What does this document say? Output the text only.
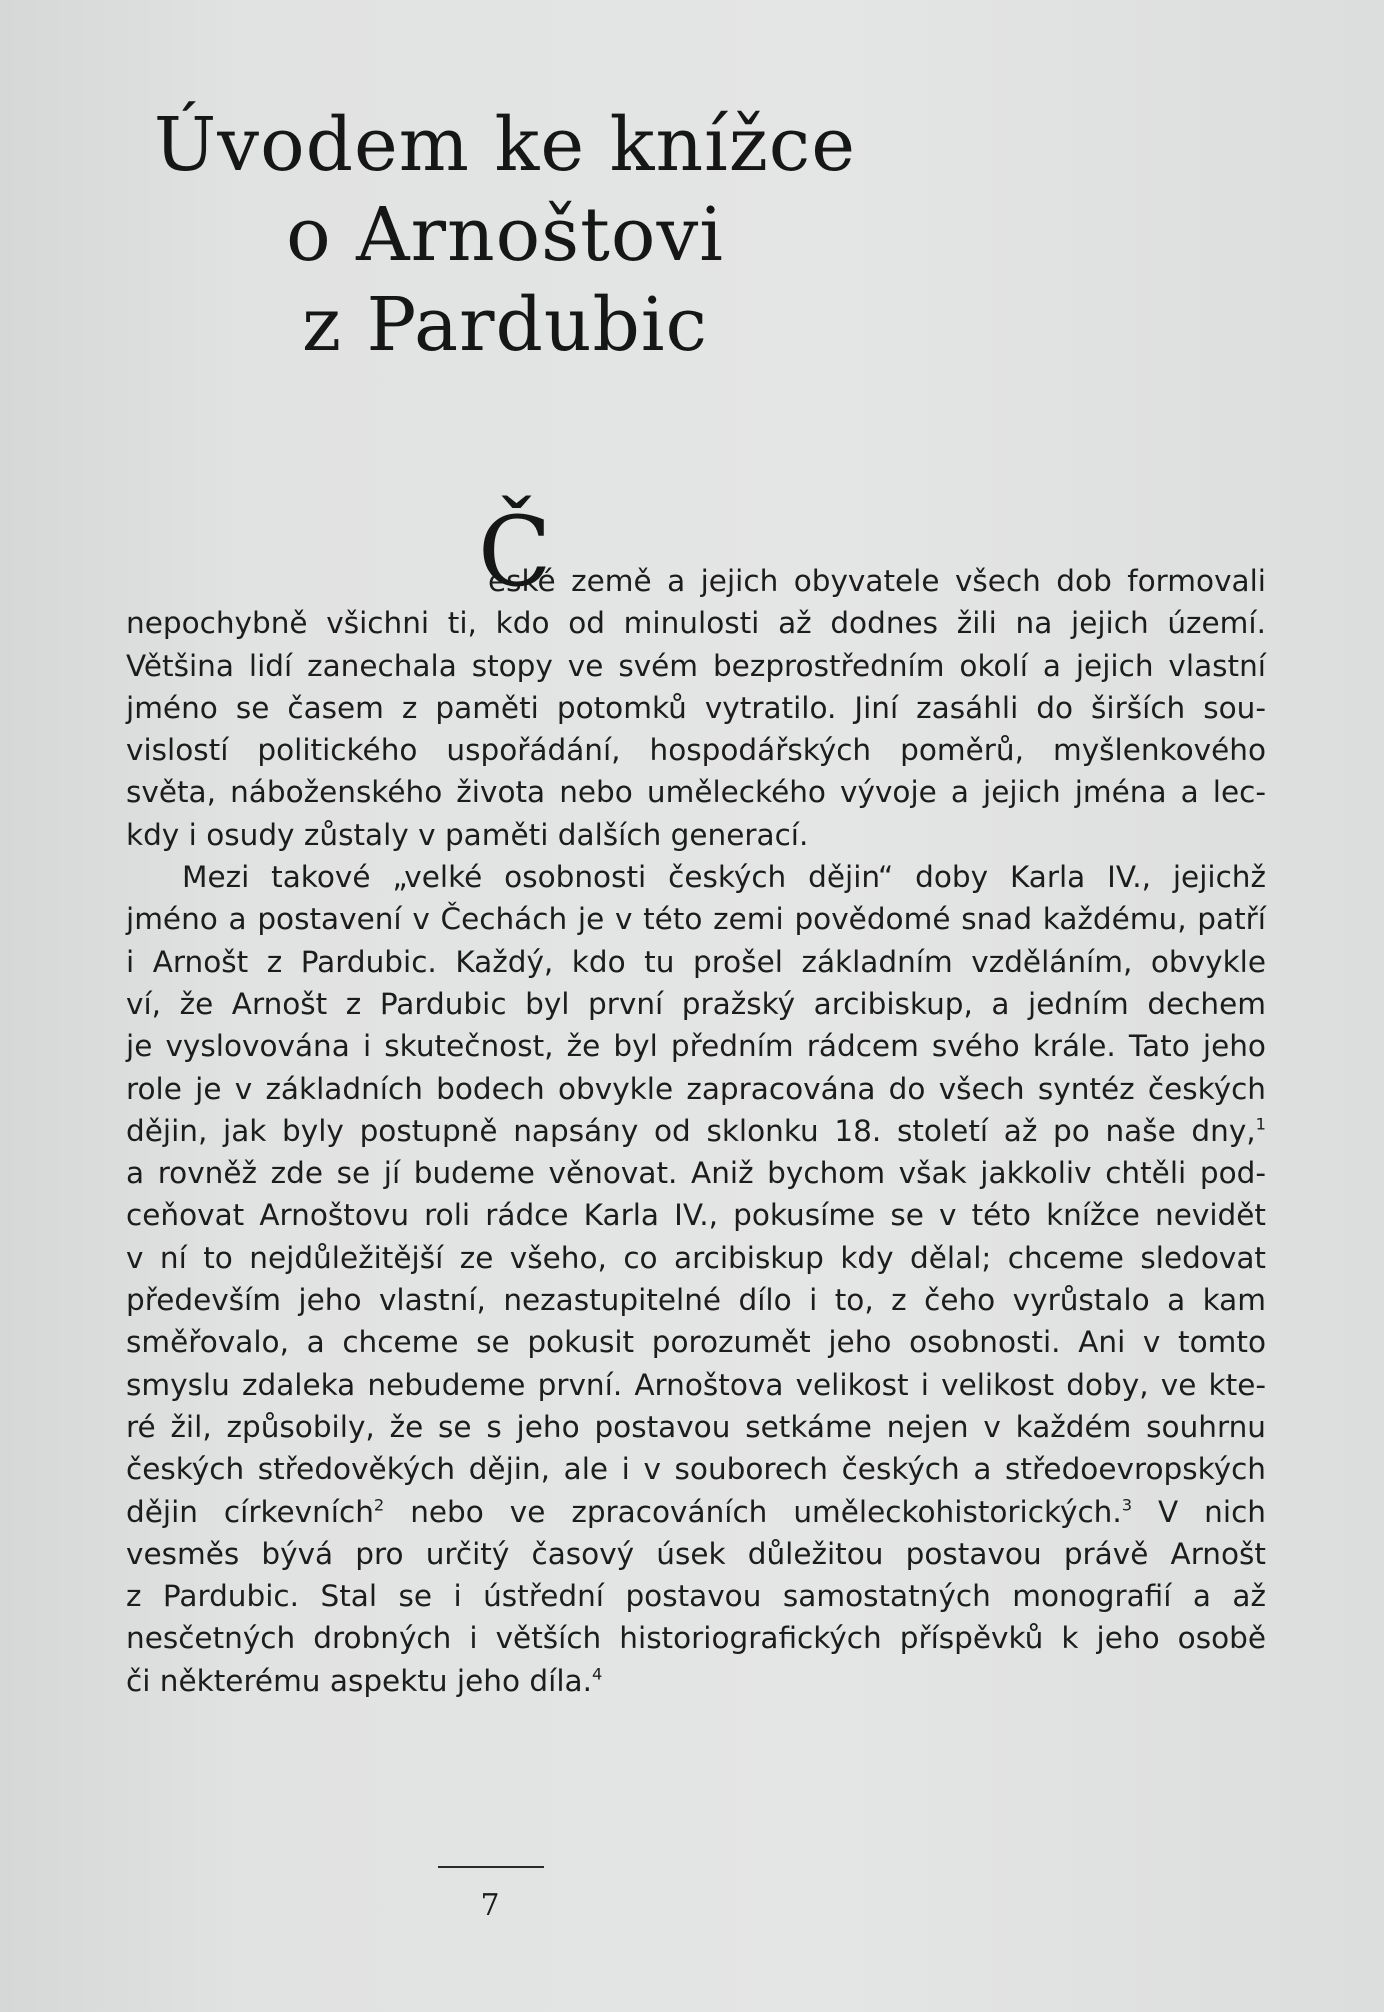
Úvodem ke knížce
o Arnoštovi
z Pardubic
Č
eské země a jejich obyvatele všech dob formovali
nepochybně všichni ti, kdo od minulosti až dodnes žili na jejich území.
Většina lidí zanechala stopy ve svém bezprostředním okolí a jejich vlastní
jméno se časem z paměti potomků vytratilo. Jiní zasáhli do širších sou-
vislostí politického uspořádání, hospodářských poměrů, myšlenkového
světa, náboženského života nebo uměleckého vývoje a jejich jména a lec-
kdy i osudy zůstaly v paměti dalších generací.
Mezi takové „velké osobnosti českých dějin“ doby Karla IV., jejichž
jméno a postavení v Čechách je v této zemi povědomé snad každému, patří
i Arnošt z Pardubic. Každý, kdo tu prošel základním vzděláním, obvykle
ví, že Arnošt z Pardubic byl první pražský arcibiskup, a jedním dechem
je vyslovována i skutečnost, že byl předním rádcem svého krále. Tato jeho
role je v základních bodech obvykle zapracována do všech syntéz českých
dějin, jak byly postupně napsány od sklonku 18. století až po naše dny,$^1$
a rovněž zde se jí budeme věnovat. Aniž bychom však jakkoliv chtěli pod-
ceňovat Arnoštovu roli rádce Karla IV., pokusíme se v této knížce nevidět
v ní to nejdůležitější ze všeho, co arcibiskup kdy dělal; chceme sledovat
především jeho vlastní, nezastupitelné dílo i to, z čeho vyrůstalo a kam
směřovalo, a chceme se pokusit porozumět jeho osobnosti. Ani v tomto
smyslu zdaleka nebudeme první. Arnoštova velikost i velikost doby, ve kte-
ré žil, způsobily, že se s jeho postavou setkáme nejen v každém souhrnu
českých středověkých dějin, ale i v souborech českých a středoevropských
dějin církevních$^2$ nebo ve zpracováních uměleckohistorických.$^3$ V nich
vesměs bývá pro určitý časový úsek důležitou postavou právě Arnošt
z Pardubic. Stal se i ústřední postavou samostatných monografií a až
nesčetných drobných i větších historiografických příspěvků k jeho osobě
či některému aspektu jeho díla.$^4$
7
